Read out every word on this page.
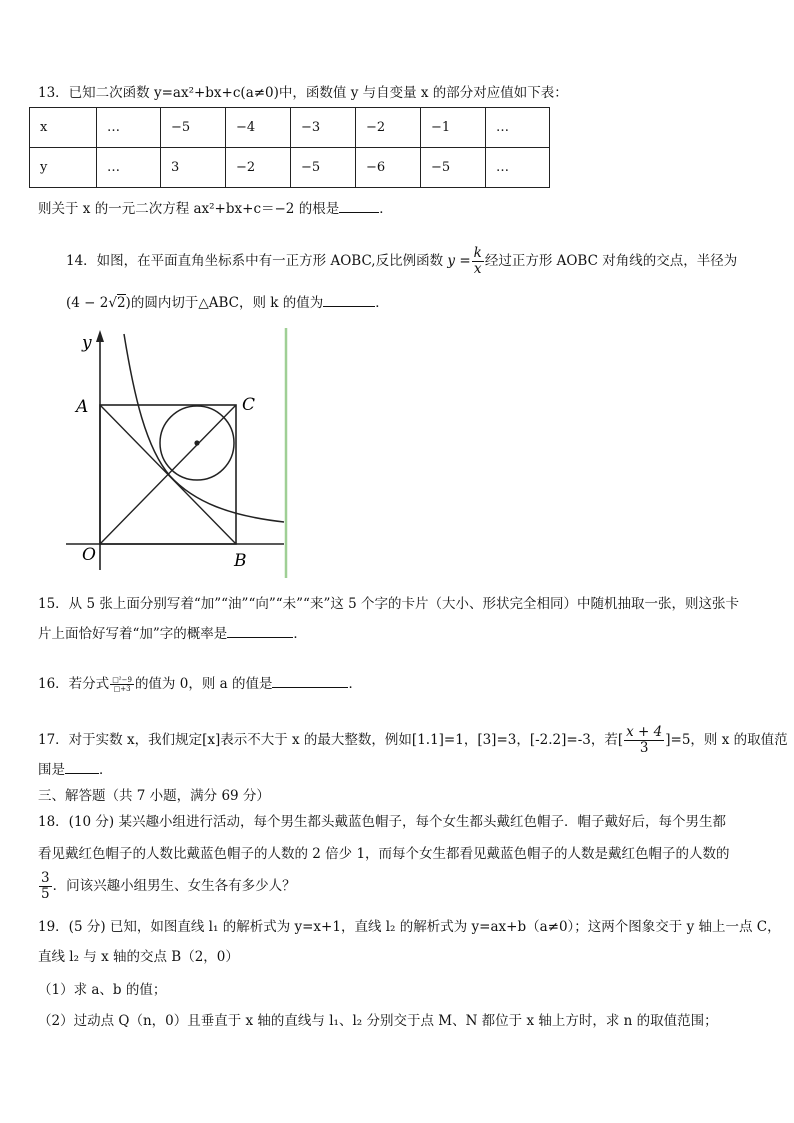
13．已知二次函数 y=ax²+bx+c(a≠0)中，函数值 y 与自变量 x 的部分对应值如下表：
x	…	−5	−4	−3	−2	−1	…
y	…	3	−2	−5	−6	−5	…
则关于 x 的一元二次方程 ax²+bx+c＝−2 的根是	．
14．如图，在平面直角坐标系中有一正方形 AOBC,反比例函数 $y = \frac{k}{x}$ 经过正方形 AOBC 对角线的交点，半径为
(4 − 2√2)的圆内切于△ABC，则 k 的值为	．
y
A	C
O	B
15．从 5 张上面分别写着“加”“油”“向”“未”“来”这 5 个字的卡片（大小、形状完全相同）中随机抽取一张，则这张卡
片上面恰好写着“加”字的概率是	．
16．若分式 $\frac{\text{□²−9}}{□+3}$ 的值为 0，则 a 的值是	．
17．对于实数 x，我们规定[x]表示不大于 x 的最大整数，例如[1.1]=1，[3]=3，[-2.2]=-3，若[ $\frac{x + 4}{3} ]=5$，则 x 的取值范
围是	．
三、解答题（共 7 小题，满分 69 分）
18．(10 分) 某兴趣小组进行活动，每个男生都头戴蓝色帽子，每个女生都头戴红色帽子．帽子戴好后，每个男生都
看见戴红色帽子的人数比戴蓝色帽子的人数的 2 倍少 1，而每个女生都看见戴蓝色帽子的人数是戴红色帽子的人数的
$\frac{3}{5}$ ．问该兴趣小组男生、女生各有多少人？
19．(5 分) 已知，如图直线 l₁ 的解析式为 y=x+1，直线 l₂ 的解析式为 y=ax+b（a≠0）；这两个图象交于 y 轴上一点 C，
直线 l₂ 与 x 轴的交点 B（2，0）
（1）求 a、b 的值；
（2）过动点 Q（n，0）且垂直于 x 轴的直线与 l₁、l₂ 分别交于点 M、N 都位于 x 轴上方时，求 n 的取值范围；
